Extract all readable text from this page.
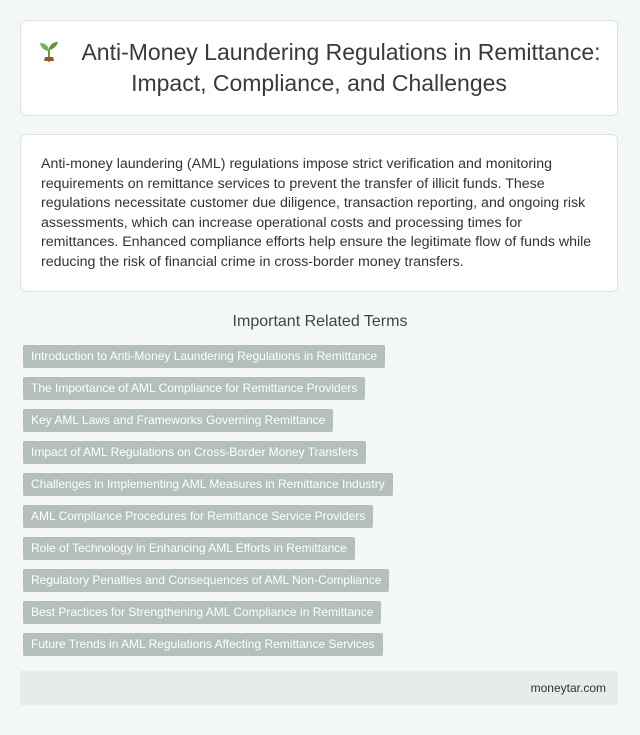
Anti-Money Laundering Regulations in Remittance: Impact, Compliance, and Challenges

Anti-money laundering (AML) regulations impose strict verification and monitoring requirements on remittance services to prevent the transfer of illicit funds. These regulations necessitate customer due diligence, transaction reporting, and ongoing risk assessments, which can increase operational costs and processing times for remittances. Enhanced compliance efforts help ensure the legitimate flow of funds while reducing the risk of financial crime in cross-border money transfers.

Important Related Terms
Introduction to Anti-Money Laundering Regulations in Remittance
The Importance of AML Compliance for Remittance Providers
Key AML Laws and Frameworks Governing Remittance
Impact of AML Regulations on Cross-Border Money Transfers
Challenges in Implementing AML Measures in Remittance Industry
AML Compliance Procedures for Remittance Service Providers
Role of Technology in Enhancing AML Efforts in Remittance
Regulatory Penalties and Consequences of AML Non-Compliance
Best Practices for Strengthening AML Compliance in Remittance
Future Trends in AML Regulations Affecting Remittance Services
moneytar.com
